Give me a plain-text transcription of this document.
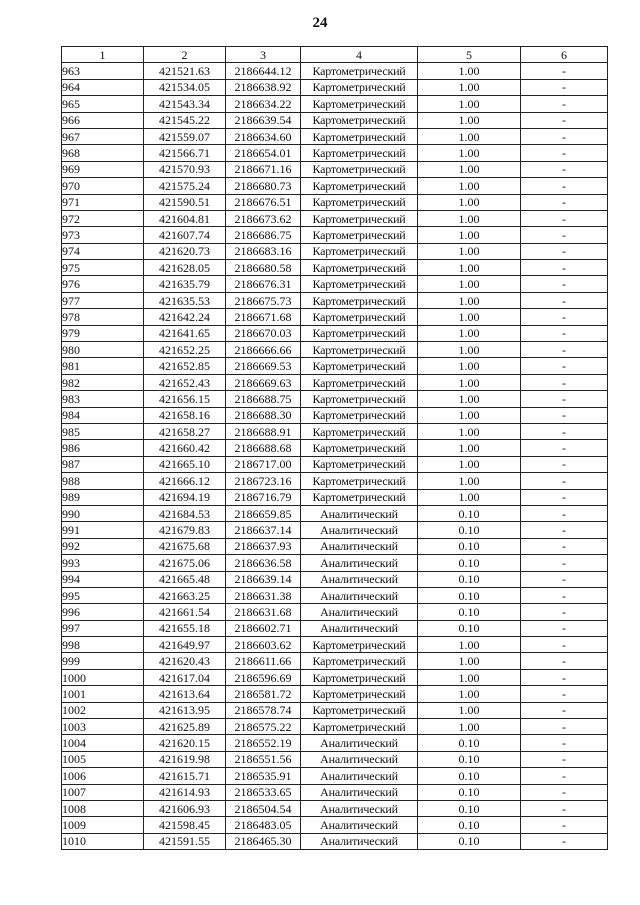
24
1	2	3	4	5	6
963	421521.63	2186644.12	Картометрический	1.00	-
964	421534.05	2186638.92	Картометрический	1.00	-
965	421543.34	2186634.22	Картометрический	1.00	-
966	421545.22	2186639.54	Картометрический	1.00	-
967	421559.07	2186634.60	Картометрический	1.00	-
968	421566.71	2186654.01	Картометрический	1.00	-
969	421570.93	2186671.16	Картометрический	1.00	-
970	421575.24	2186680.73	Картометрический	1.00	-
971	421590.51	2186676.51	Картометрический	1.00	-
972	421604.81	2186673.62	Картометрический	1.00	-
973	421607.74	2186686.75	Картометрический	1.00	-
974	421620.73	2186683.16	Картометрический	1.00	-
975	421628.05	2186680.58	Картометрический	1.00	-
976	421635.79	2186676.31	Картометрический	1.00	-
977	421635.53	2186675.73	Картометрический	1.00	-
978	421642.24	2186671.68	Картометрический	1.00	-
979	421641.65	2186670.03	Картометрический	1.00	-
980	421652.25	2186666.66	Картометрический	1.00	-
981	421652.85	2186669.53	Картометрический	1.00	-
982	421652.43	2186669.63	Картометрический	1.00	-
983	421656.15	2186688.75	Картометрический	1.00	-
984	421658.16	2186688.30	Картометрический	1.00	-
985	421658.27	2186688.91	Картометрический	1.00	-
986	421660.42	2186688.68	Картометрический	1.00	-
987	421665.10	2186717.00	Картометрический	1.00	-
988	421666.12	2186723.16	Картометрический	1.00	-
989	421694.19	2186716.79	Картометрический	1.00	-
990	421684.53	2186659.85	Аналитический	0.10	-
991	421679.83	2186637.14	Аналитический	0.10	-
992	421675.68	2186637.93	Аналитический	0.10	-
993	421675.06	2186636.58	Аналитический	0.10	-
994	421665.48	2186639.14	Аналитический	0.10	-
995	421663.25	2186631.38	Аналитический	0.10	-
996	421661.54	2186631.68	Аналитический	0.10	-
997	421655.18	2186602.71	Аналитический	0.10	-
998	421649.97	2186603.62	Картометрический	1.00	-
999	421620.43	2186611.66	Картометрический	1.00	-
1000	421617.04	2186596.69	Картометрический	1.00	-
1001	421613.64	2186581.72	Картометрический	1.00	-
1002	421613.95	2186578.74	Картометрический	1.00	-
1003	421625.89	2186575.22	Картометрический	1.00	-
1004	421620.15	2186552.19	Аналитический	0.10	-
1005	421619.98	2186551.56	Аналитический	0.10	-
1006	421615.71	2186535.91	Аналитический	0.10	-
1007	421614.93	2186533.65	Аналитический	0.10	-
1008	421606.93	2186504.54	Аналитический	0.10	-
1009	421598.45	2186483.05	Аналитический	0.10	-
1010	421591.55	2186465.30	Аналитический	0.10	-
